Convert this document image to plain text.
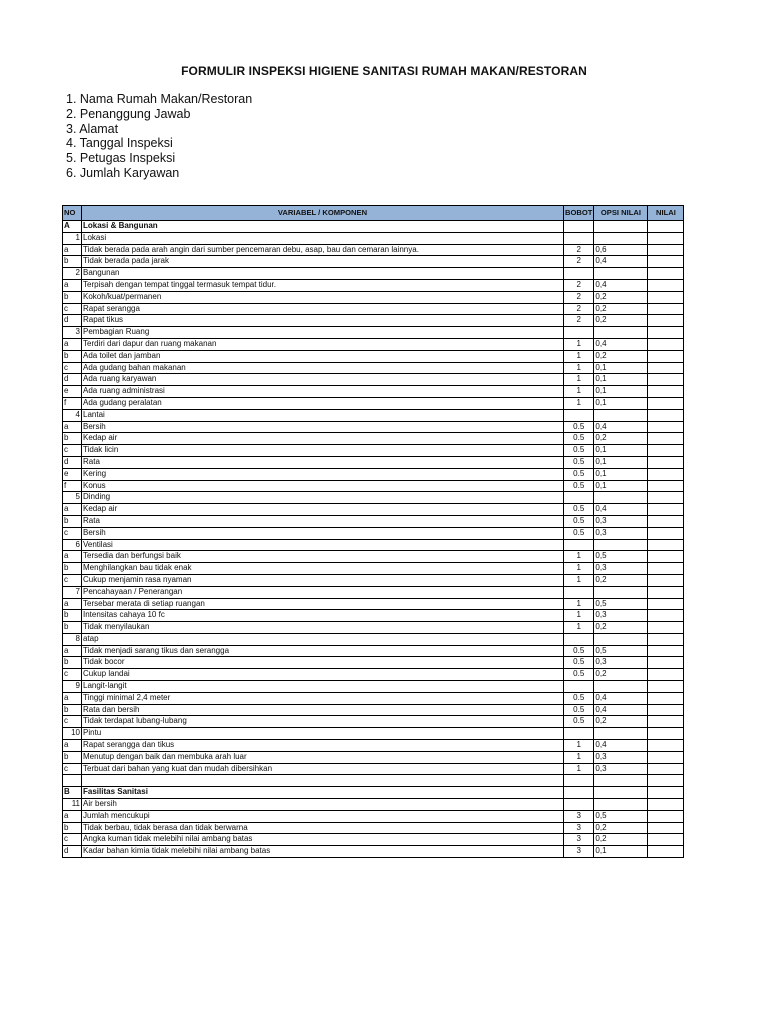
FORMULIR INSPEKSI HIGIENE SANITASI RUMAH MAKAN/RESTORAN
1. Nama Rumah Makan/Restoran
2. Penanggung Jawab
3. Alamat
4. Tanggal Inspeksi
5. Petugas Inspeksi
6. Jumlah Karyawan
NO	VARIABEL / KOMPONEN	BOBOT	OPSI NILAI	NILAI
A	Lokasi & Bangunan			
1	Lokasi			
a	Tidak berada pada arah angin dari sumber pencemaran debu, asap, bau dan cemaran lainnya.	2	0,6	
b	Tidak berada pada jarak	2	0,4	
2	Bangunan			
a	Terpisah dengan tempat tinggal termasuk tempat tidur.	2	0,4	
b	Kokoh/kuat/permanen	2	0,2	
c	Rapat serangga	2	0,2	
d	Rapat tikus	2	0,2	
3	Pembagian Ruang			
a	Terdiri dari dapur dan ruang makanan	1	0,4	
b	Ada toilet dan jamban	1	0,2	
c	Ada gudang bahan makanan	1	0,1	
d	Ada ruang karyawan	1	0,1	
e	Ada ruang administrasi	1	0,1	
f	Ada gudang peralatan	1	0,1	
4	Lantai			
a	Bersih	0.5	0,4	
b	Kedap air	0.5	0,2	
c	Tidak licin	0.5	0,1	
d	Rata	0.5	0,1	
e	Kering	0.5	0,1	
f	Konus	0.5	0,1	
5	Dinding			
a	Kedap air	0.5	0,4	
b	Rata	0.5	0,3	
c	Bersih	0.5	0,3	
6	Ventilasi			
a	Tersedia dan berfungsi baik	1	0,5	
b	Menghilangkan bau tidak enak	1	0,3	
c	Cukup menjamin rasa nyaman	1	0,2	
7	Pencahayaan / Penerangan			
a	Tersebar merata di setiap ruangan	1	0,5	
b	Intensitas cahaya 10 fc	1	0,3	
b	Tidak menyilaukan	1	0,2	
8	atap			
a	Tidak menjadi sarang tikus dan serangga	0.5	0,5	
b	Tidak bocor	0.5	0,3	
c	Cukup landai	0.5	0,2	
9	Langit-langit			
a	Tinggi minimal 2,4 meter	0.5	0,4	
b	Rata dan bersih	0.5	0,4	
c	Tidak terdapat lubang-lubang	0.5	0,2	
10	Pintu			
a	Rapat serangga dan tikus	1	0,4	
b	Menutup dengan baik dan membuka arah luar	1	0,3	
c	Terbuat dari bahan yang kuat dan mudah dibersihkan	1	0,3	

B	Fasilitas Sanitasi			
11	Air bersih			
a	Jumlah mencukupi	3	0,5	
b	Tidak berbau, tidak berasa dan tidak berwarna	3	0,2	
c	Angka kuman tidak melebihi nilai ambang batas	3	0,2	
d	Kadar bahan kimia tidak melebihi nilai ambang batas	3	0,1	
